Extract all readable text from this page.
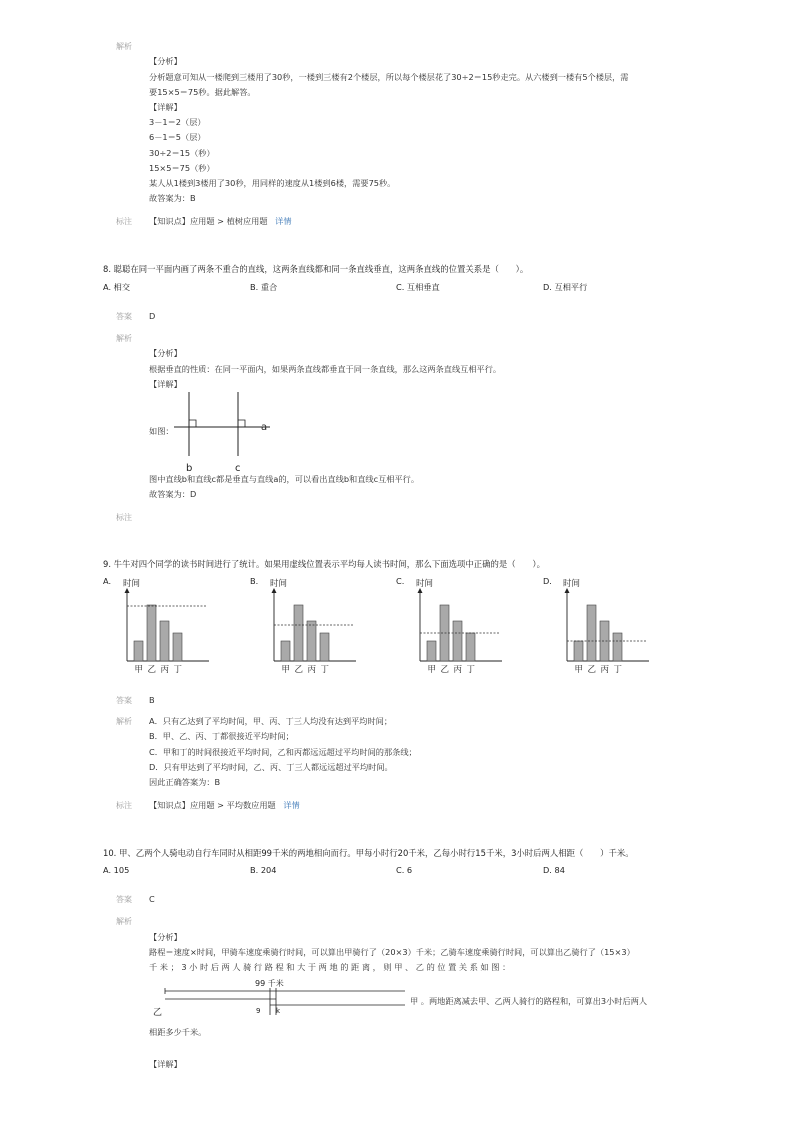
解析
【分析】
分析题意可知从一楼爬到三楼用了30秒，一楼到三楼有2个楼层，所以每个楼层花了30÷2＝15秒走完。从六楼到一楼有5个楼层，需
要15×5＝75秒。据此解答。
【详解】
3－1＝2（层）
6－1＝5（层）
30÷2＝15（秒）
15×5＝75（秒）
某人从1楼到3楼用了30秒，用同样的速度从1楼到6楼，需要75秒。
故答案为：B
标注 【知识点】应用题 > 植树应用题 详情
8. 聪聪在同一平面内画了两条不重合的直线，这两条直线都和同一条直线垂直，这两条直线的位置关系是（　　）。
A. 相交	B. 重合	C. 互相垂直	D. 互相平行
答案 D
解析
【分析】
根据垂直的性质：在同一平面内，如果两条直线都垂直于同一条直线，那么这两条直线互相平行。
【详解】
如图：	a
b	c
图中直线b和直线c都是垂直与直线a的，可以看出直线b和直线c互相平行。
故答案为：D
标注
9. 牛牛对四个同学的读书时间进行了统计。如果用虚线位置表示平均每人读书时间，那么下面选项中正确的是（　　）。
A.	B.	C.	D.
时间
甲 乙 丙 丁
时间
甲 乙 丙 丁
时间
甲 乙 丙 丁
时间
甲 乙 丙 丁
答案 B
解析 A．只有乙达到了平均时间，甲、丙、丁三人均没有达到平均时间；
B．甲、乙、丙、丁都很接近平均时间；
C．甲和丁的时间很接近平均时间，乙和丙都远远超过平均时间的那条线；
D．只有甲达到了平均时间，乙、丙、丁三人都远远超过平均时间。
因此正确答案为：B
标注 【知识点】应用题 > 平均数应用题 详情
10. 甲、乙两个人骑电动自行车同时从相距99千米的两地相向而行。甲每小时行20千米，乙每小时行15千米，3小时后两人相距（　　）千米。
A. 105	B. 204	C. 6	D. 84
答案 C
解析
【分析】
路程＝速度×时间，甲骑车速度乘骑行时间，可以算出甲骑行了（20×3）千米；乙骑车速度乘骑行时间，可以算出乙骑行了（15×3）
千 米 ； 3 小 时 后 两 人 骑 行 路 程 和 大 于 两 地 的 距 离 ， 则 甲 、 乙 的 位 置 关 系 如 图 ：
99 千米
乙	9 k
甲 。两地距离减去甲、乙两人骑行的路程和，可算出3小时后两人
相距多少千米。
【详解】
